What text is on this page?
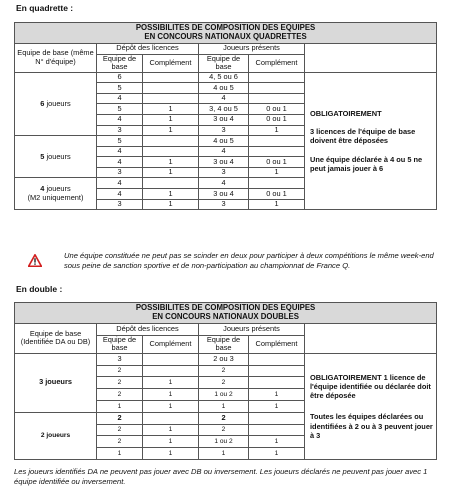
En quadrette :
POSSIBILITES DE COMPOSITION DES EQUIPES
EN CONCOURS NATIONAUX QUADRETTES					

Equipe de base (même N° d'équipe)	Dépôt des licences		Joueurs présents		
	Equipe de base	Complément	Equipe de base	Complément	
6 joueurs	6		4, 5 ou 6		OBLIGATOIREMENT
3 licences de l'équipe de base doivent être déposées
Une équipe déclarée à 4 ou 5 ne peut jamais jouer à 6

	5		4 ou 5		
	4		4		
	5	1	3, 4 ou 5	0 ou 1	
	4	1	3 ou 4	0 ou 1	
	3	1	3	1	
5 joueurs	5		4 ou 5		
	4		4		
	4	1	3 ou 4	0 ou 1	
	3	1	3	1	
4 joueurs
(M2 uniquement)	4		4		
	4	1	3 ou 4	0 ou 1	
	3	1	3	1	
Une équipe constituée ne peut pas se scinder en deux pour participer à deux compétitions le même week-end sous peine de sanction sportive et de non-participation au championnat de France Q.
En double :
POSSIBILITES DE COMPOSITION DES EQUIPES
EN CONCOURS NATIONAUX DOUBLES					

Equipe de base (Identifiée DA ou DB)	Dépôt des licences		Joueurs présents		
	Equipe de base	Complément	Equipe de base	Complément	
3 joueurs	3		2 ou 3		OBLIGATOIREMENT 1 licence de l'équipe identifiée ou déclarée doit être déposée
Toutes les équipes déclarées ou identifiées à 2 ou à 3 peuvent jouer à 3

	2		2		
	2	1	2		
	2	1	1 ou 2	1	
	1	1	1	1	
2 joueurs	2		2		
	2	1	2		
	2	1	1 ou 2	1	
	1	1	1	1	
Les joueurs identifiés DA ne peuvent pas jouer avec DB ou inversement. Les joueurs déclarés ne peuvent pas jouer avec 1 équipe identifiée ou inversement.
